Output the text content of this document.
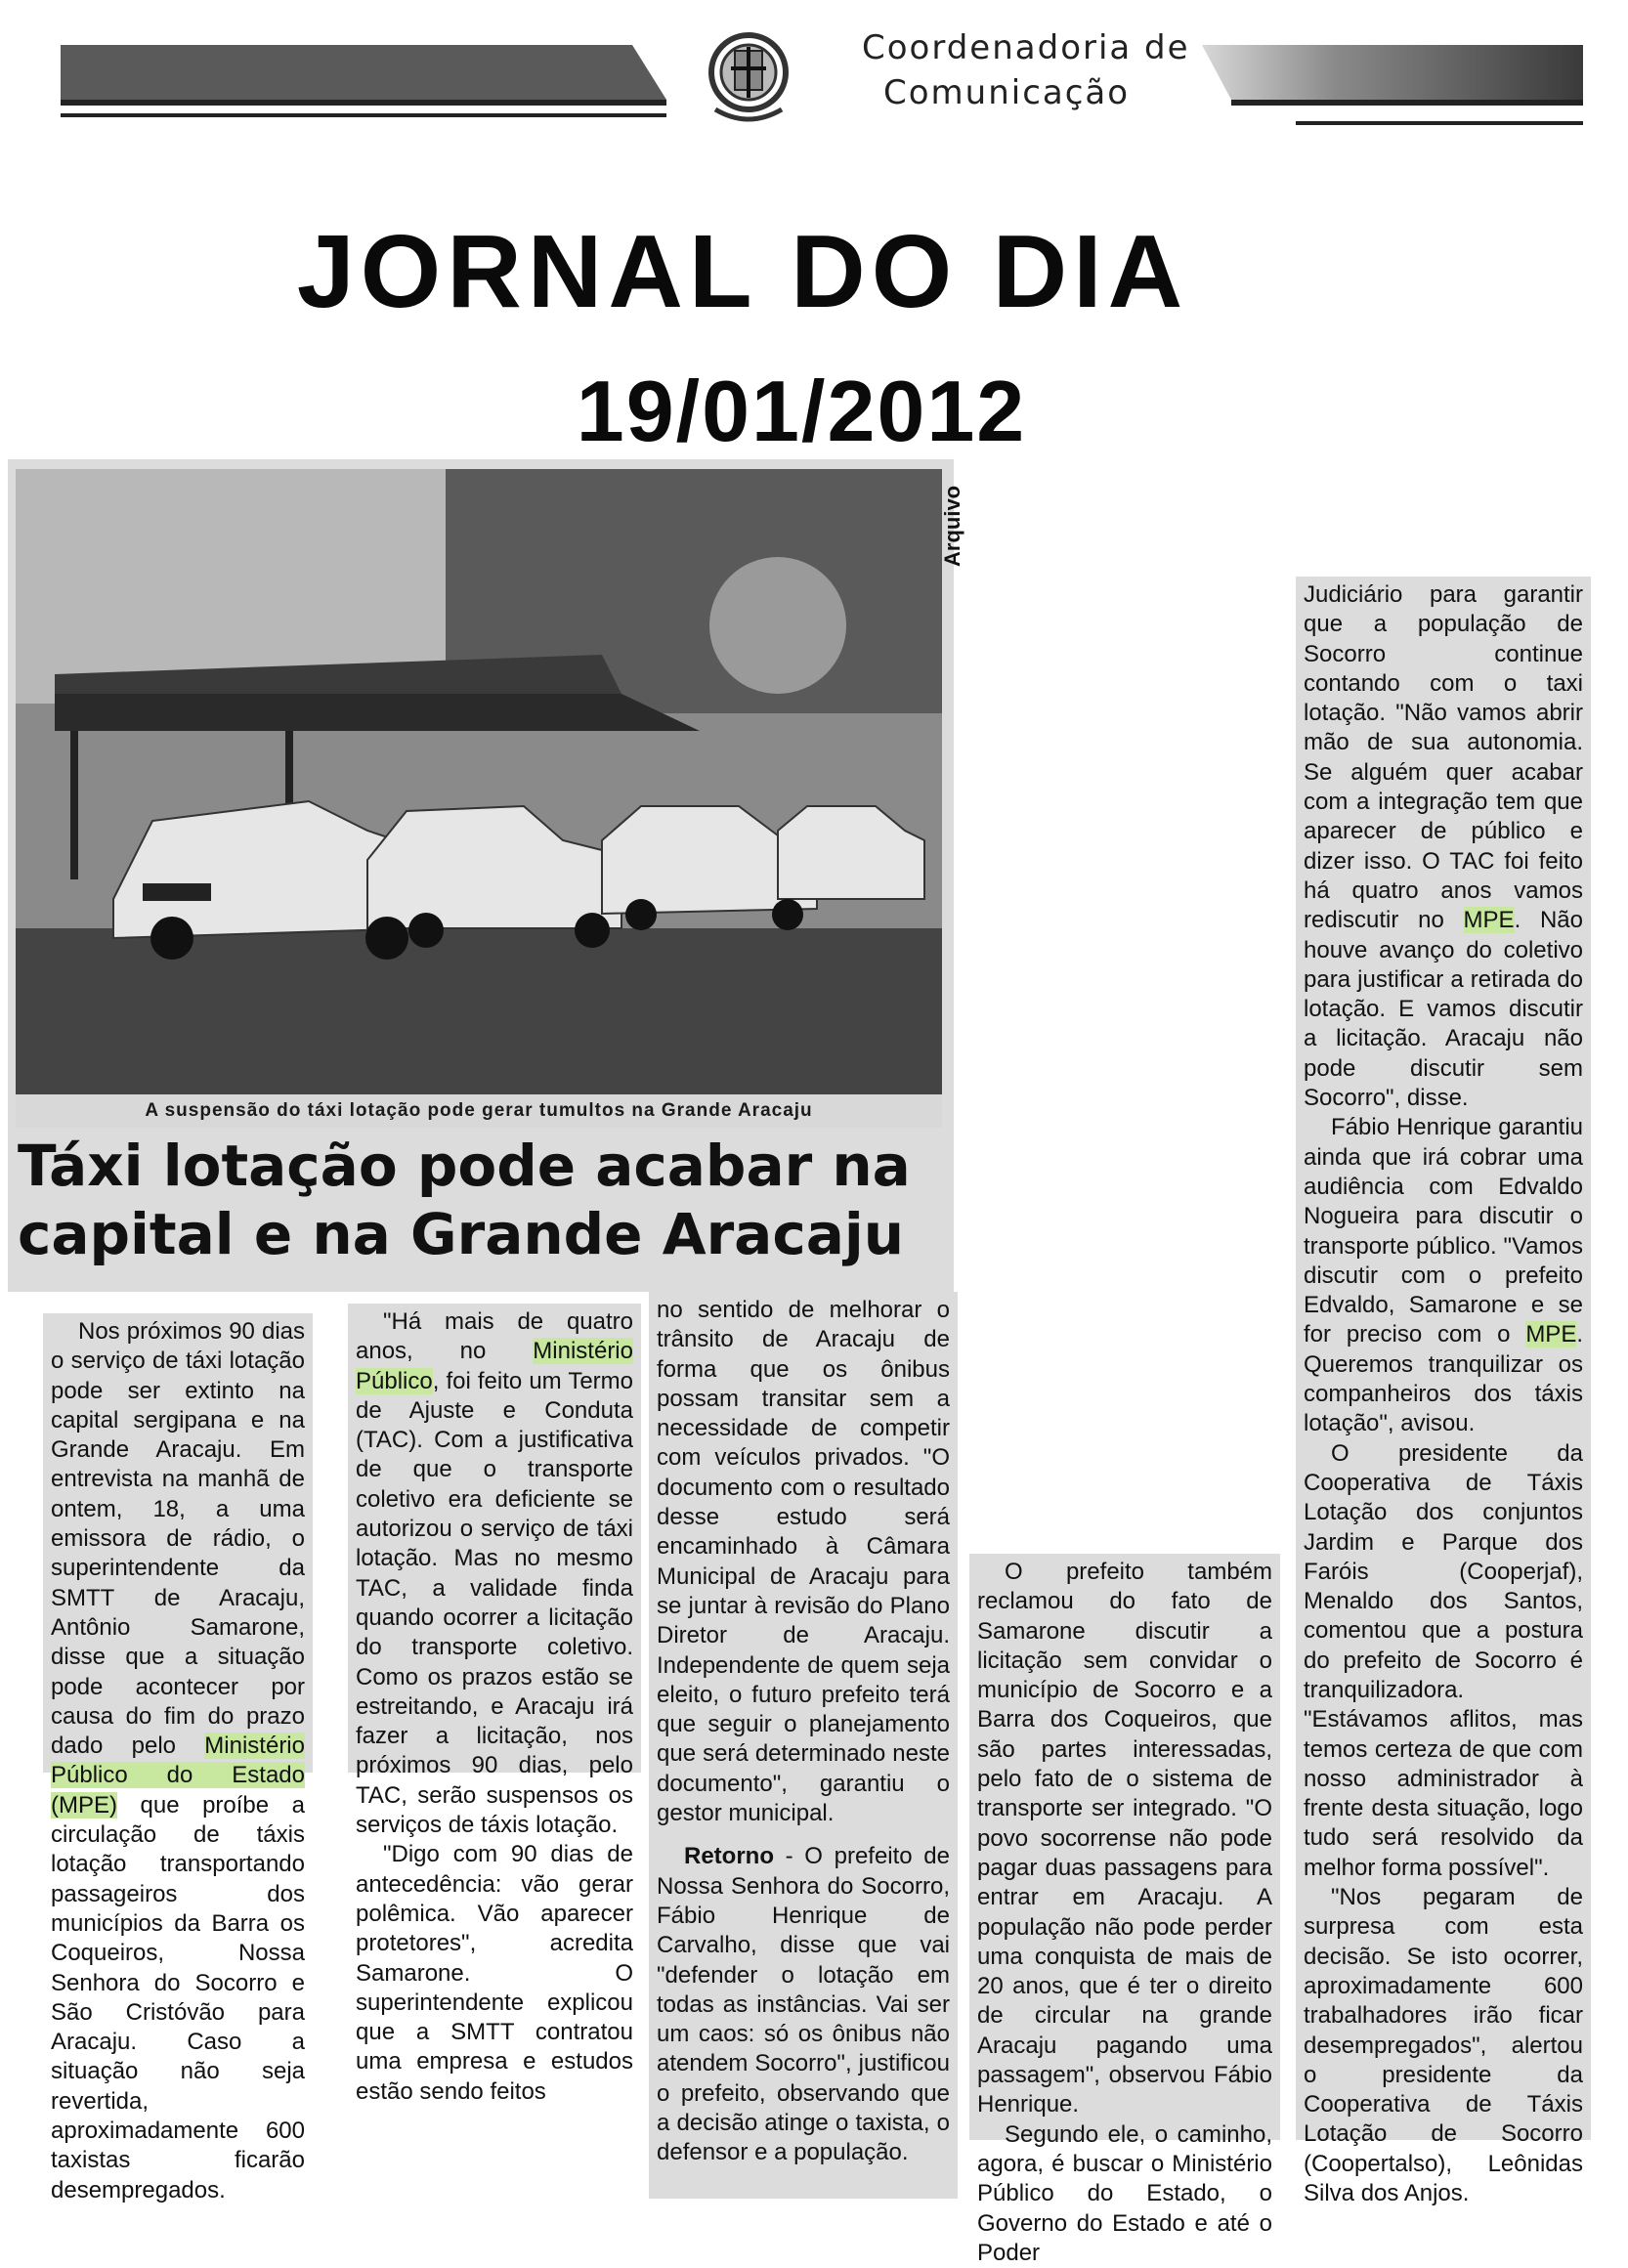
Coordenadoria de
Comunicação
JORNAL DO DIA
19/01/2012
Arquivo
A suspensão do táxi lotação pode gerar tumultos na Grande Aracaju
Táxi lotação pode acabar na capital e na Grande Aracaju

Nos próximos 90 dias o serviço de táxi lotação pode ser extinto na capital sergipana e na Grande Aracaju. Em entrevista na manhã de ontem, 18, a uma emissora de rádio, o superintendente da SMTT de Aracaju, Antônio Samarone, disse que a situação pode acontecer por causa do fim do prazo dado pelo Ministério Público do Estado (MPE) que proíbe a circulação de táxis lotação transportando passageiros dos municípios da Barra os Coqueiros, Nossa Senhora do Socorro e São Cristóvão para Aracaju. Caso a situação não seja revertida, aproximadamente 600 taxistas ficarão desempregados.

"Há mais de quatro anos, no Ministério Público, foi feito um Termo de Ajuste e Conduta (TAC). Com a justificativa de que o transporte coletivo era deficiente se autorizou o serviço de táxi lotação. Mas no mesmo TAC, a validade finda quando ocorrer a licitação do transporte coletivo. Como os prazos estão se estreitando, e Aracaju irá fazer a licitação, nos próximos 90 dias, pelo TAC, serão suspensos os serviços de táxis lotação.

"Digo com 90 dias de antecedência: vão gerar polêmica. Vão aparecer protetores", acredita Samarone. O superintendente explicou que a SMTT contratou uma empresa e estudos estão sendo feitos

no sentido de melhorar o trânsito de Aracaju de forma que os ônibus possam transitar sem a necessidade de competir com veículos privados. "O documento com o resultado desse estudo será encaminhado à Câmara Municipal de Aracaju para se juntar à revisão do Plano Diretor de Aracaju. Independente de quem seja eleito, o futuro prefeito terá que seguir o planejamento que será determinado neste documento", garantiu o gestor municipal.

Retorno - O prefeito de Nossa Senhora do Socorro, Fábio Henrique de Carvalho, disse que vai "defender o lotação em todas as instâncias. Vai ser um caos: só os ônibus não atendem Socorro", justificou o prefeito, observando que a decisão atinge o taxista, o defensor e a população.

O prefeito também reclamou do fato de Samarone discutir a licitação sem convidar o município de Socorro e a Barra dos Coqueiros, que são partes interessadas, pelo fato de o sistema de transporte ser integrado. "O povo socorrense não pode pagar duas passagens para entrar em Aracaju. A população não pode perder uma conquista de mais de 20 anos, que é ter o direito de circular na grande Aracaju pagando uma passagem", observou Fábio Henrique.

Segundo ele, o caminho, agora, é buscar o Ministério Público do Estado, o Governo do Estado e até o Poder

Judiciário para garantir que a população de Socorro continue contando com o taxi lotação. "Não vamos abrir mão de sua autonomia. Se alguém quer acabar com a integração tem que aparecer de público e dizer isso. O TAC foi feito há quatro anos vamos rediscutir no MPE. Não houve avanço do coletivo para justificar a retirada do lotação. E vamos discutir a licitação. Aracaju não pode discutir sem Socorro", disse.

Fábio Henrique garantiu ainda que irá cobrar uma audiência com Edvaldo Nogueira para discutir o transporte público. "Vamos discutir com o prefeito Edvaldo, Samarone e se for preciso com o MPE. Queremos tranquilizar os companheiros dos táxis lotação", avisou.

O presidente da Cooperativa de Táxis Lotação dos conjuntos Jardim e Parque dos Faróis (Cooperjaf), Menaldo dos Santos, comentou que a postura do prefeito de Socorro é tranquilizadora. "Estávamos aflitos, mas temos certeza de que com nosso administrador à frente desta situação, logo tudo será resolvido da melhor forma possível".

"Nos pegaram de surpresa com esta decisão. Se isto ocorrer, aproximadamente 600 trabalhadores irão ficar desempregados", alertou o presidente da Cooperativa de Táxis Lotação de Socorro (Coopertalso), Leônidas Silva dos Anjos.
